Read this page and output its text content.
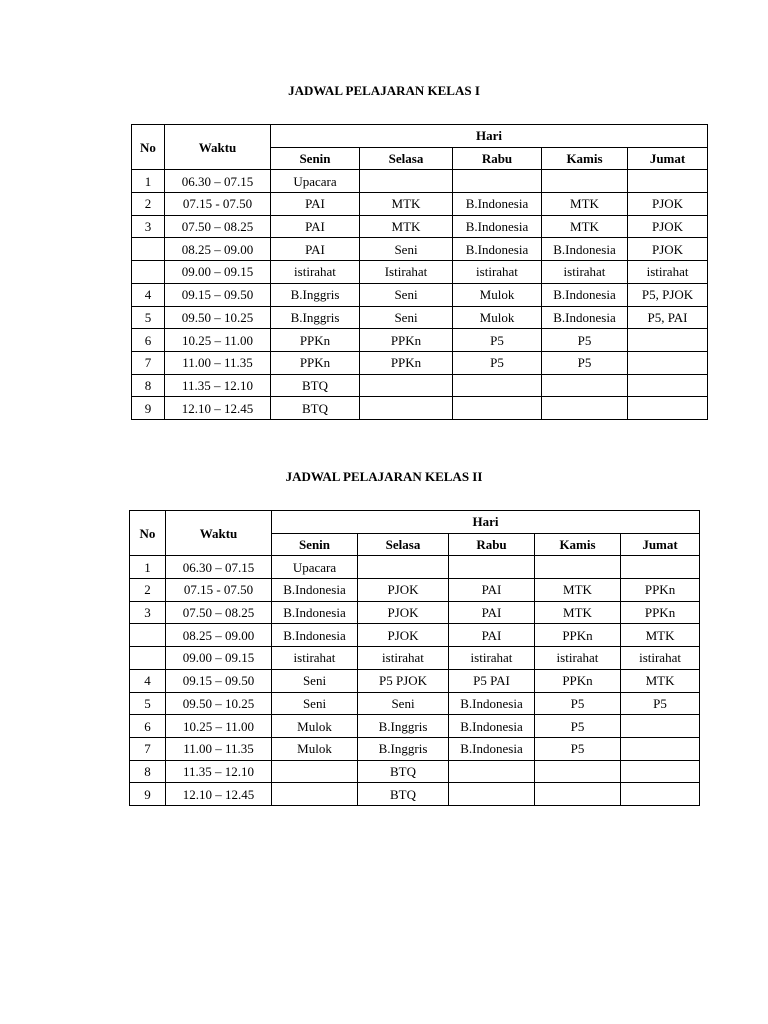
JADWAL PELAJARAN KELAS I
No	Waktu	Hari				
		Senin	Selasa	Rabu	Kamis	Jumat
1	06.30 – 07.15	Upacara				
2	07.15 - 07.50	PAI	MTK	B.Indonesia	MTK	PJOK
3	07.50 – 08.25	PAI	MTK	B.Indonesia	MTK	PJOK
	08.25 – 09.00	PAI	Seni	B.Indonesia	B.Indonesia	PJOK
	09.00 – 09.15	istirahat	Istirahat	istirahat	istirahat	istirahat
4	09.15 – 09.50	B.Inggris	Seni	Mulok	B.Indonesia	P5, PJOK
5	09.50 – 10.25	B.Inggris	Seni	Mulok	B.Indonesia	P5, PAI
6	10.25 – 11.00	PPKn	PPKn	P5	P5	
7	11.00 – 11.35	PPKn	PPKn	P5	P5	
8	11.35 – 12.10	BTQ				
9	12.10 – 12.45	BTQ				
JADWAL PELAJARAN KELAS II
No	Waktu	Hari				
		Senin	Selasa	Rabu	Kamis	Jumat
1	06.30 – 07.15	Upacara				
2	07.15 - 07.50	B.Indonesia	PJOK	PAI	MTK	PPKn
3	07.50 – 08.25	B.Indonesia	PJOK	PAI	MTK	PPKn
	08.25 – 09.00	B.Indonesia	PJOK	PAI	PPKn	MTK
	09.00 – 09.15	istirahat	istirahat	istirahat	istirahat	istirahat
4	09.15 – 09.50	Seni	P5 PJOK	P5 PAI	PPKn	MTK
5	09.50 – 10.25	Seni	Seni	B.Indonesia	P5	P5
6	10.25 – 11.00	Mulok	B.Inggris	B.Indonesia	P5	
7	11.00 – 11.35	Mulok	B.Inggris	B.Indonesia	P5	
8	11.35 – 12.10		BTQ			
9	12.10 – 12.45		BTQ			
